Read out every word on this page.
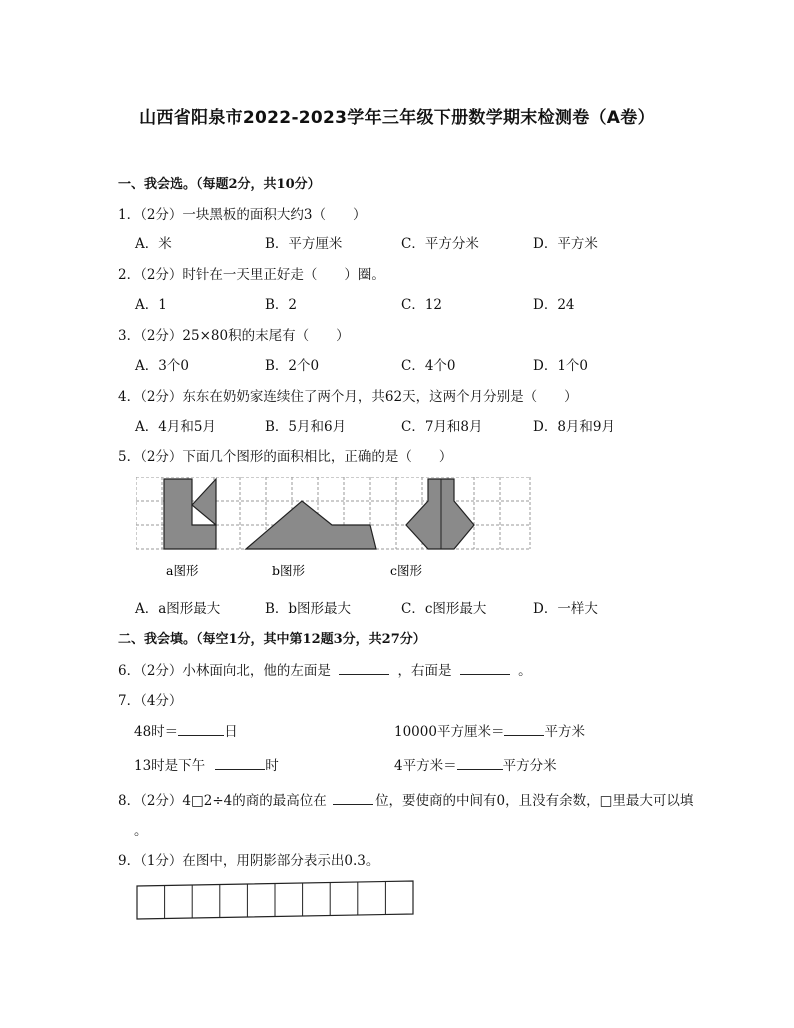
山西省阳泉市2022-2023学年三年级下册数学期末检测卷（A卷）
一、我会选。（每题2分，共10分）
1．（2分）一块黑板的面积大约3（　　）
A．米	B．平方厘米	C．平方分米	D．平方米
2．（2分）时针在一天里正好走（　　）圈。
A．1	B．2	C．12	D．24
3．（2分）25×80积的末尾有（　　）
A．3个0	B．2个0	C．4个0	D．1个0
4．（2分）东东在奶奶家连续住了两个月，共62天，这两个月分别是（　　）
A．4月和5月	B．5月和6月	C．7月和8月	D．8月和9月
5．（2分）下面几个图形的面积相比，正确的是（　　）
a图形	b图形	c图形
A．a图形最大	B．b图形最大	C．c图形最大	D．一样大
二、我会填。（每空1分，其中第12题3分，共27分）
6．（2分）小林面向北，他的左面是	，右面是	。
7．（4分）
48时＝	日	10000平方厘米＝	平方米
13时是下午	时	4平方米＝	平方分米
8．（2分）4□2÷4的商的最高位在	位，要使商的中间有0，且没有余数，□里最大可以填
。
9．（1分）在图中，用阴影部分表示出0.3。
